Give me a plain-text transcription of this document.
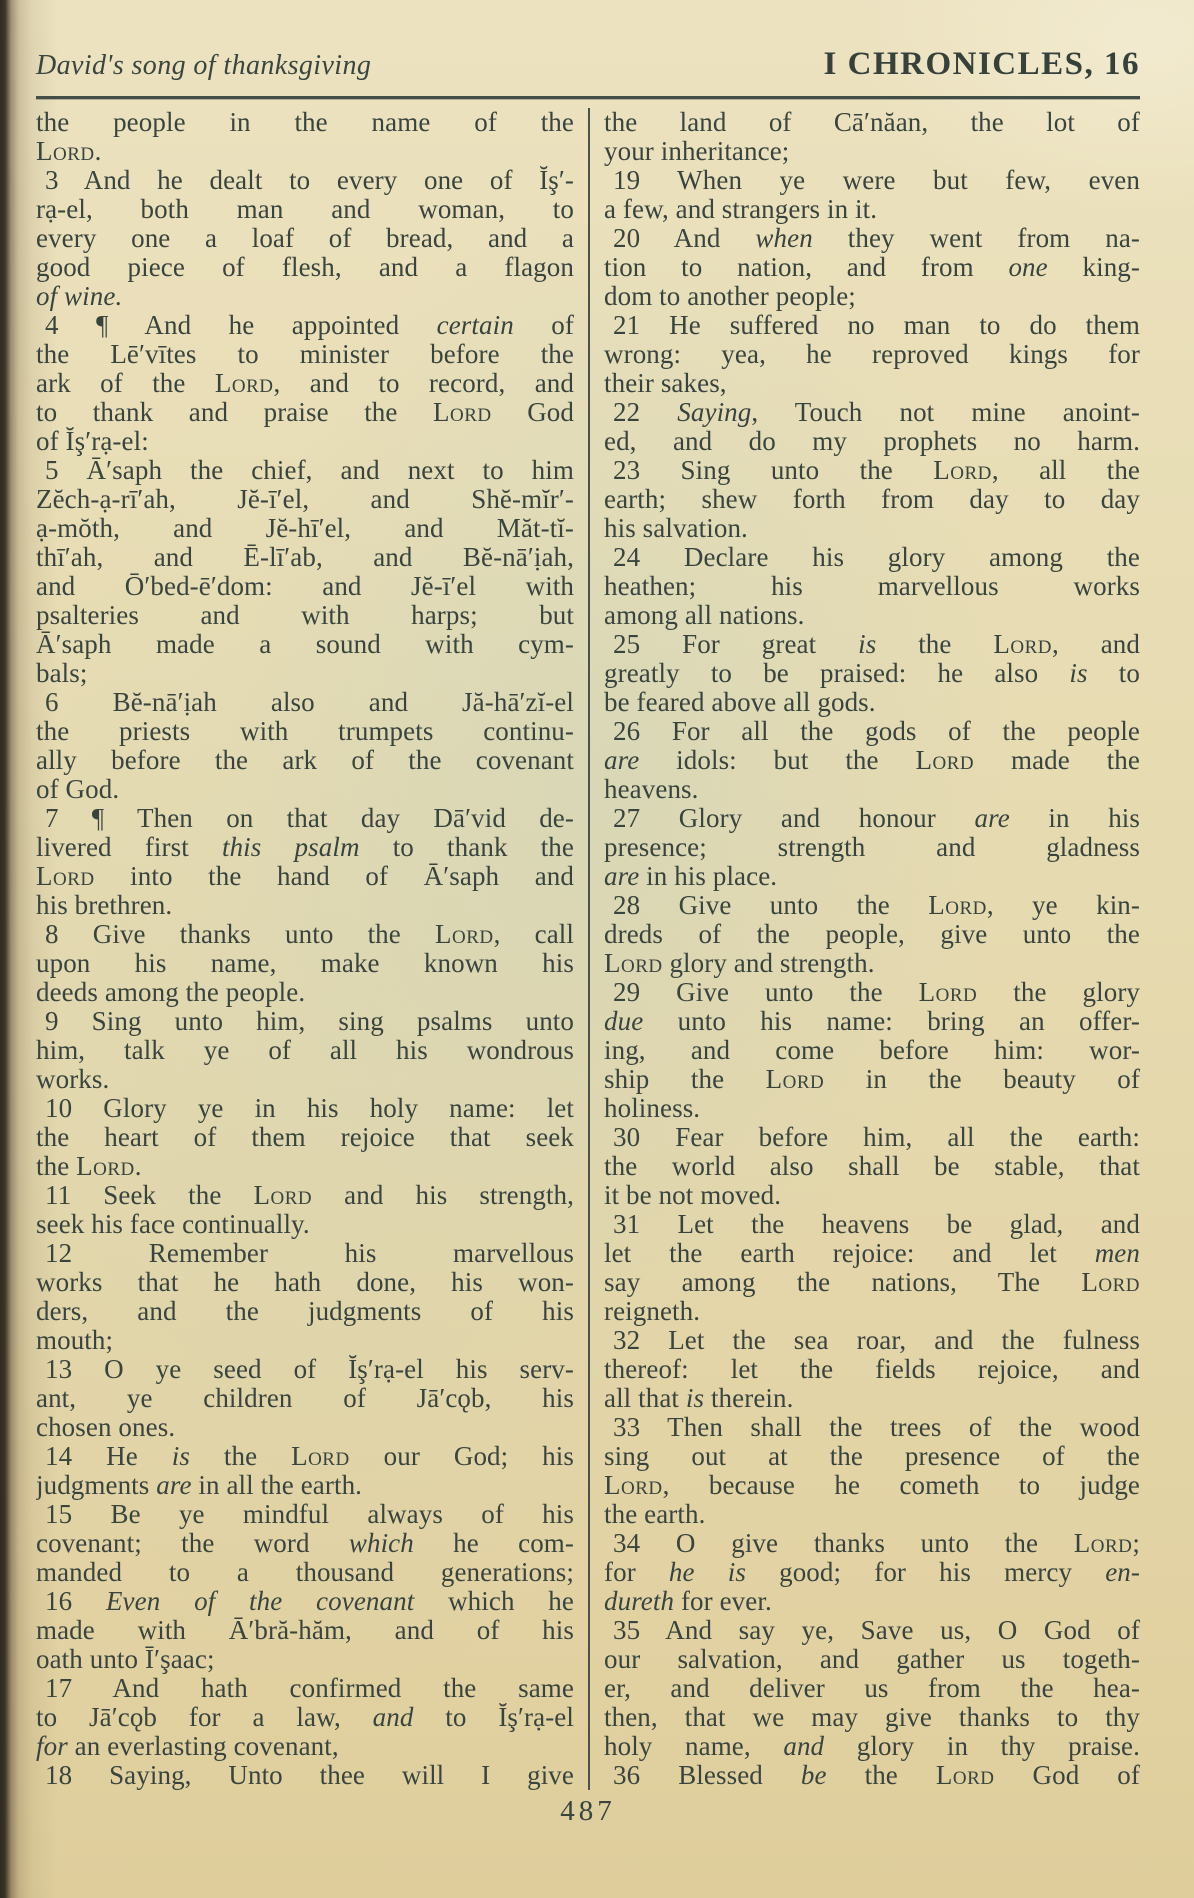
David's song of thanksgiving	I CHRONICLES, 16
the people in the name of the
Lord.
3 And he dealt to every one of Ĭş′-
rạ-el, both man and woman, to
every one a loaf of bread, and a
good piece of flesh, and a flagon
of wine.
4 ¶ And he appointed certain of
the Lē′vītes to minister before the
ark of the Lord, and to record, and
to thank and praise the Lord God
of Ĭş′rạ-el:
5 Ā′saph the chief, and next to him
Zĕch-ạ-rī′ah, Jĕ-ī′el, and Shĕ-mĭr′-
ạ-mŏth, and Jĕ-hī′el, and Măt-tĭ-
thī′ah, and Ē-lī′ab, and Bĕ-nā′ịah,
and Ō′bed-ē′dom: and Jĕ-ī′el with
psalteries and with harps; but
Ā′saph made a sound with cym-
bals;
6 Bĕ-nā′ịah also and Jă-hā′zĭ-el
the priests with trumpets continu-
ally before the ark of the covenant
of God.
7 ¶ Then on that day Dā′vid de-
livered first this psalm to thank the
Lord into the hand of Ā′saph and
his brethren.
8 Give thanks unto the Lord, call
upon his name, make known his
deeds among the people.
9 Sing unto him, sing psalms unto
him, talk ye of all his wondrous
works.
10 Glory ye in his holy name: let
the heart of them rejoice that seek
the Lord.
11 Seek the Lord and his strength,
seek his face continually.
12 Remember his marvellous
works that he hath done, his won-
ders, and the judgments of his
mouth;
13 O ye seed of Ĭş′rạ-el his serv-
ant, ye children of Jā′cǫb, his
chosen ones.
14 He is the Lord our God; his
judgments are in all the earth.
15 Be ye mindful always of his
covenant; the word which he com-
manded to a thousand generations;
16 Even of the covenant which he
made with Ā′bră-hăm, and of his
oath unto Ī′şaac;
17 And hath confirmed the same
to Jā′cǫb for a law, and to Ĭş′rạ-el
for an everlasting covenant,
18 Saying, Unto thee will I give
the land of Cā′năan, the lot of
your inheritance;
19 When ye were but few, even
a few, and strangers in it.
20 And when they went from na-
tion to nation, and from one king-
dom to another people;
21 He suffered no man to do them
wrong: yea, he reproved kings for
their sakes,
22 Saying, Touch not mine anoint-
ed, and do my prophets no harm.
23 Sing unto the Lord, all the
earth; shew forth from day to day
his salvation.
24 Declare his glory among the
heathen; his marvellous works
among all nations.
25 For great is the Lord, and
greatly to be praised: he also is to
be feared above all gods.
26 For all the gods of the people
are idols: but the Lord made the
heavens.
27 Glory and honour are in his
presence; strength and gladness
are in his place.
28 Give unto the Lord, ye kin-
dreds of the people, give unto the
Lord glory and strength.
29 Give unto the Lord the glory
due unto his name: bring an offer-
ing, and come before him: wor-
ship the Lord in the beauty of
holiness.
30 Fear before him, all the earth:
the world also shall be stable, that
it be not moved.
31 Let the heavens be glad, and
let the earth rejoice: and let men
say among the nations, The Lord
reigneth.
32 Let the sea roar, and the fulness
thereof: let the fields rejoice, and
all that is therein.
33 Then shall the trees of the wood
sing out at the presence of the
Lord, because he cometh to judge
the earth.
34 O give thanks unto the Lord;
for he is good; for his mercy en-
dureth for ever.
35 And say ye, Save us, O God of
our salvation, and gather us togeth-
er, and deliver us from the hea-
then, that we may give thanks to thy
holy name, and glory in thy praise.
36 Blessed be the Lord God of
487
